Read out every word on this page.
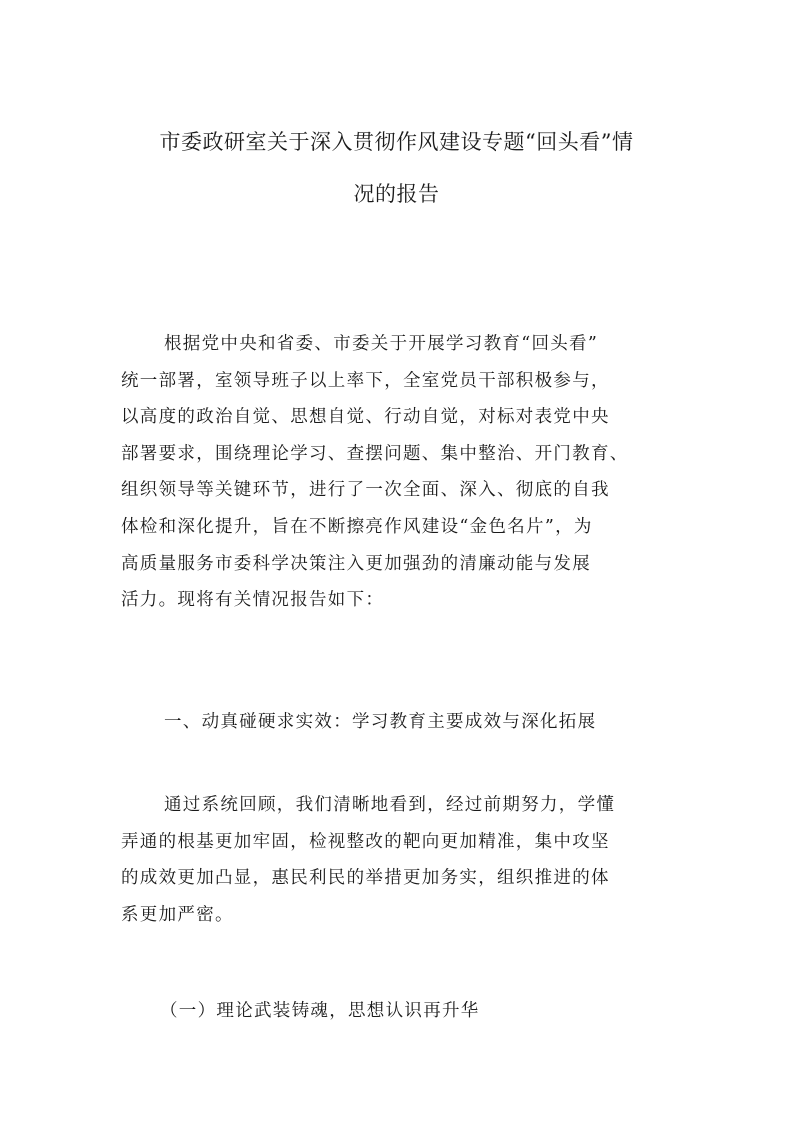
市委政研室关于深入贯彻作风建设专题“回头看”情
况的报告
根据党中央和省委、市委关于开展学习教育“回头看”
统一部署，室领导班子以上率下，全室党员干部积极参与，
以高度的政治自觉、思想自觉、行动自觉，对标对表党中央
部署要求，围绕理论学习、查摆问题、集中整治、开门教育、
组织领导等关键环节，进行了一次全面、深入、彻底的自我
体检和深化提升，旨在不断擦亮作风建设“金色名片”，为
高质量服务市委科学决策注入更加强劲的清廉动能与发展
活力。现将有关情况报告如下：
一、动真碰硬求实效：学习教育主要成效与深化拓展
通过系统回顾，我们清晰地看到，经过前期努力，学懂
弄通的根基更加牢固，检视整改的靶向更加精准，集中攻坚
的成效更加凸显，惠民利民的举措更加务实，组织推进的体
系更加严密。
（一）理论武装铸魂，思想认识再升华
